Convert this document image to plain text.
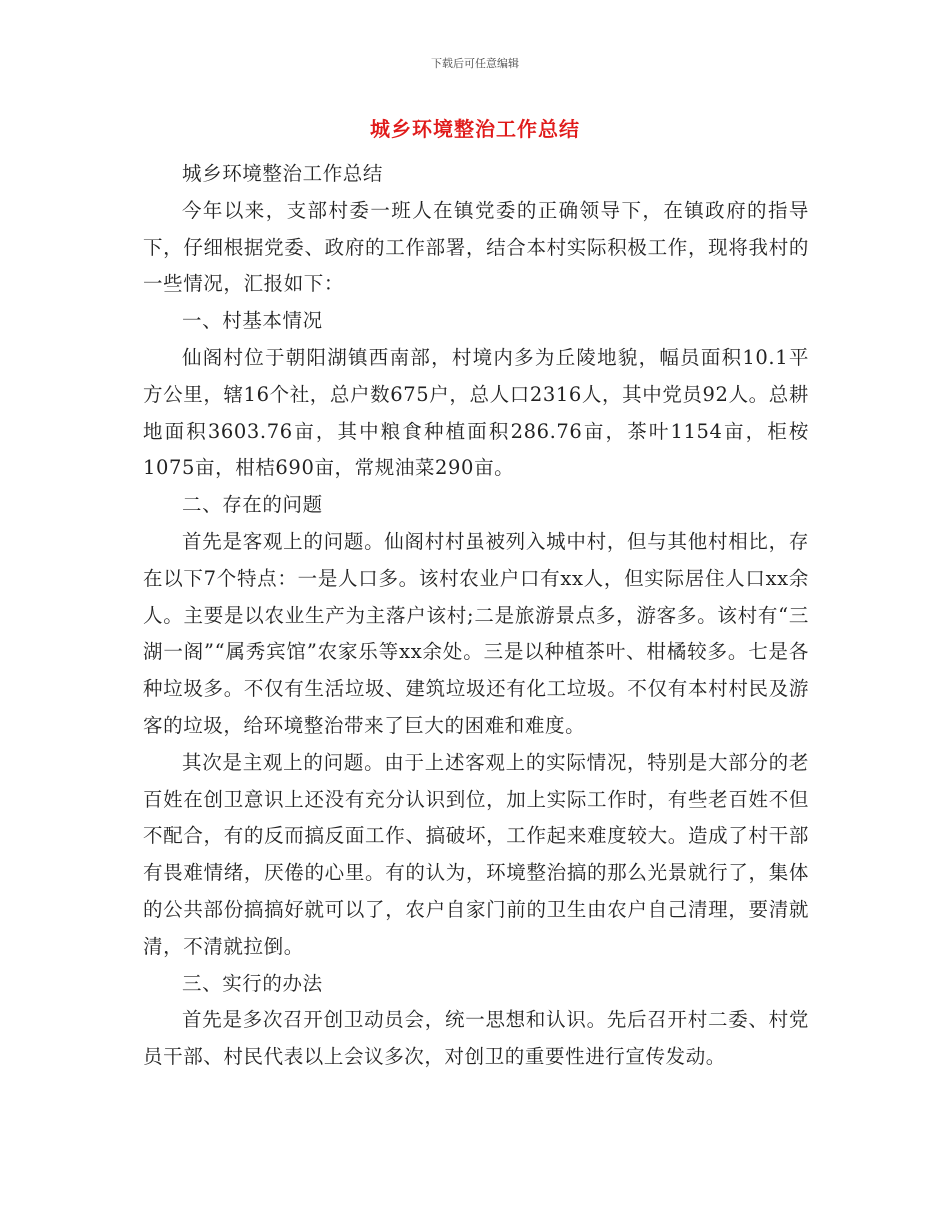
下载后可任意编辑
城乡环境整治工作总结

城乡环境整治工作总结

今年以来，支部村委一班人在镇党委的正确领导下，在镇政府的指导下，仔细根据党委、政府的工作部署，结合本村实际积极工作，现将我村的一些情况，汇报如下：

一、村基本情况

仙阁村位于朝阳湖镇西南部，村境内多为丘陵地貌，幅员面积10.1平方公里，辖16个社，总户数675户，总人口2316人，其中党员92人。总耕地面积3603.76亩，其中粮食种植面积286.76亩，茶叶1154亩，柜桉1075亩，柑桔690亩，常规油菜290亩。

二、存在的问题

首先是客观上的问题。仙阁村村虽被列入城中村，但与其他村相比，存在以下7个特点：一是人口多。该村农业户口有xx人，但实际居住人口xx余人。主要是以农业生产为主落户该村;二是旅游景点多，游客多。该村有“三湖一阁”“属秀宾馆”农家乐等xx余处。三是以种植茶叶、柑橘较多。七是各种垃圾多。不仅有生活垃圾、建筑垃圾还有化工垃圾。不仅有本村村民及游客的垃圾，给环境整治带来了巨大的困难和难度。

其次是主观上的问题。由于上述客观上的实际情况，特别是大部分的老百姓在创卫意识上还没有充分认识到位，加上实际工作时，有些老百姓不但不配合，有的反而搞反面工作、搞破坏，工作起来难度较大。造成了村干部有畏难情绪，厌倦的心里。有的认为，环境整治搞的那么光景就行了，集体的公共部份搞搞好就可以了，农户自家门前的卫生由农户自己清理，要清就清，不清就拉倒。

三、实行的办法

首先是多次召开创卫动员会，统一思想和认识。先后召开村二委、村党员干部、村民代表以上会议多次，对创卫的重要性进行宣传发动。
